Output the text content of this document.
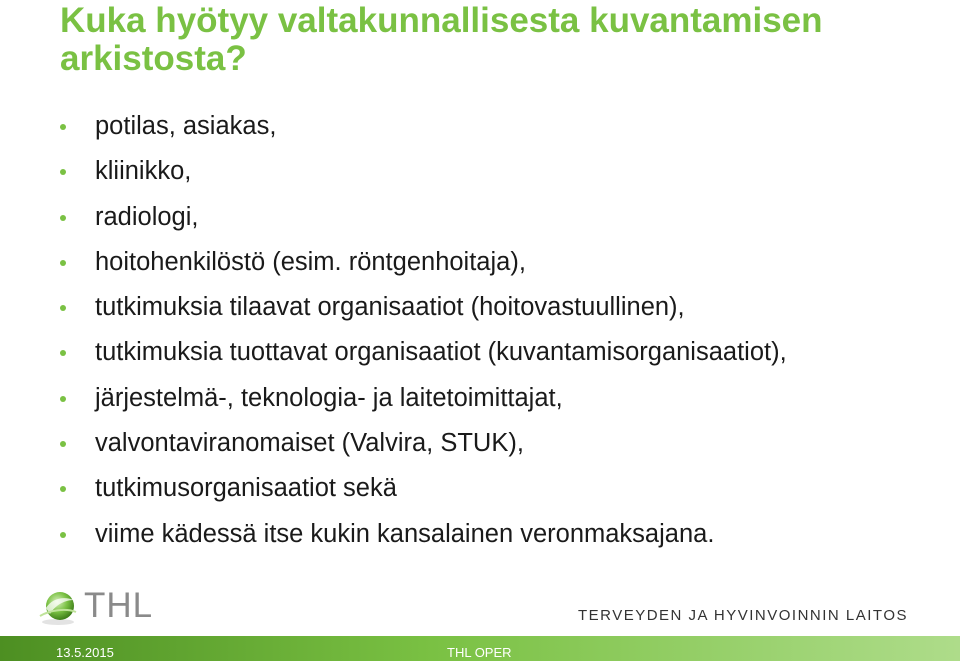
Kuka hyötyy valtakunnallisesta kuvantamisen arkistosta?
potilas, asiakas,
kliinikko,
radiologi,
hoitohenkilöstö (esim. röntgenhoitaja),
tutkimuksia tilaavat organisaatiot (hoitovastuullinen),
tutkimuksia tuottavat organisaatiot (kuvantamisorganisaatiot),
järjestelmä-, teknologia- ja laitetoimittajat,
valvontaviranomaiset (Valvira, STUK),
tutkimusorganisaatiot sekä
viime kädessä itse kukin kansalainen veronmaksajana.
THL	TERVEYDEN JA HYVINVOINNIN LAITOS
13.5.2015	THL OPER
